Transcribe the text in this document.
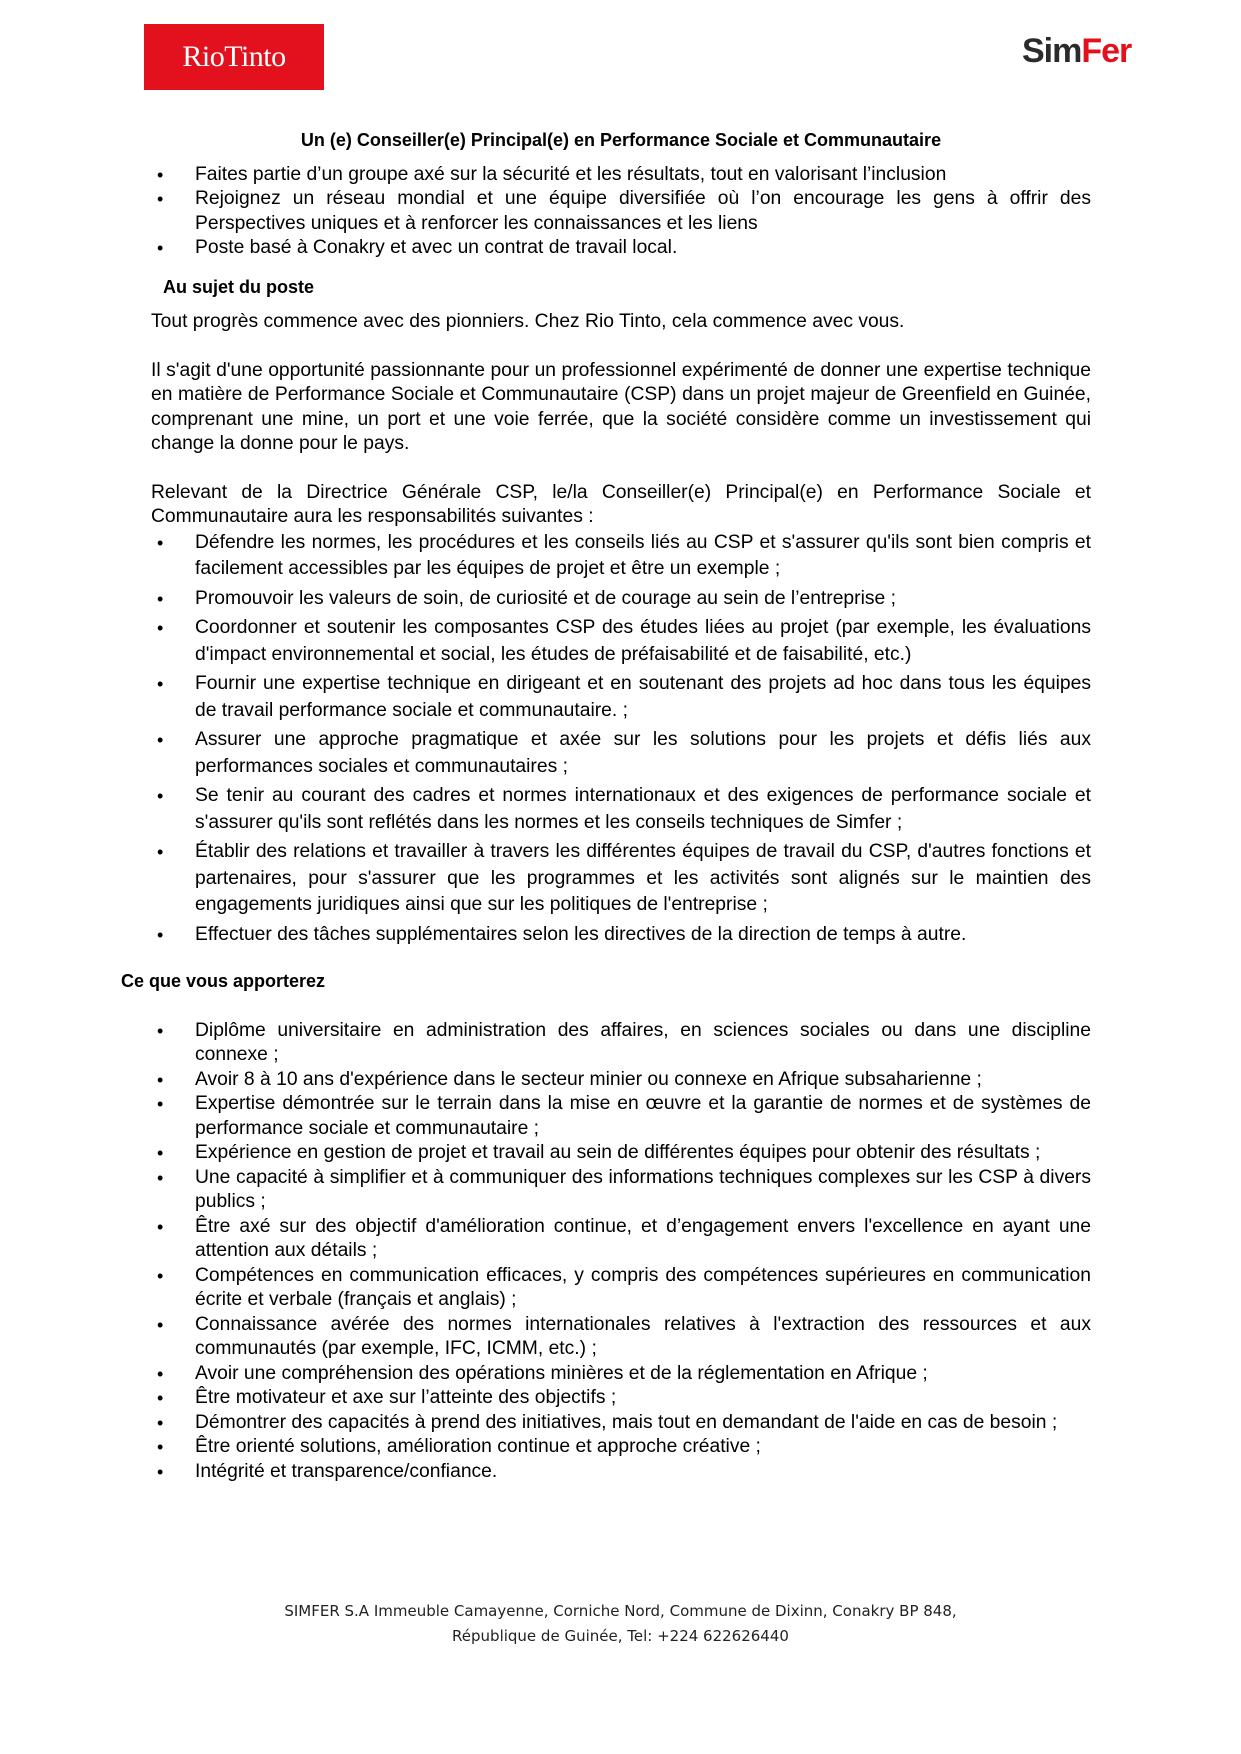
RioTinto	SimFer
Un (e) Conseiller(e) Principal(e) en Performance Sociale et Communautaire
• Faites partie d’un groupe axé sur la sécurité et les résultats, tout en valorisant l’inclusion
• Rejoignez un réseau mondial et une équipe diversifiée où l’on encourage les gens à offrir des Perspectives uniques et à renforcer les connaissances et les liens
• Poste basé à Conakry et avec un contrat de travail local.
Au sujet du poste

Tout progrès commence avec des pionniers. Chez Rio Tinto, cela commence avec vous.

Il s'agit d'une opportunité passionnante pour un professionnel expérimenté de donner une expertise technique en matière de Performance Sociale et Communautaire (CSP) dans un projet majeur de Greenfield en Guinée, comprenant une mine, un port et une voie ferrée, que la société considère comme un investissement qui change la donne pour le pays.

Relevant de la Directrice Générale CSP, le/la Conseiller(e) Principal(e) en Performance Sociale et Communautaire aura les responsabilités suivantes :

• Défendre les normes, les procédures et les conseils liés au CSP et s'assurer qu'ils sont bien compris et facilement accessibles par les équipes de projet et être un exemple ;
• Promouvoir les valeurs de soin, de curiosité et de courage au sein de l’entreprise ;
• Coordonner et soutenir les composantes CSP des études liées au projet (par exemple, les évaluations d'impact environnemental et social, les études de préfaisabilité et de faisabilité, etc.)
• Fournir une expertise technique en dirigeant et en soutenant des projets ad hoc dans tous les équipes de travail performance sociale et communautaire. ;
• Assurer une approche pragmatique et axée sur les solutions pour les projets et défis liés aux performances sociales et communautaires ;
• Se tenir au courant des cadres et normes internationaux et des exigences de performance sociale et s'assurer qu'ils sont reflétés dans les normes et les conseils techniques de Simfer ;
• Établir des relations et travailler à travers les différentes équipes de travail du CSP, d'autres fonctions et partenaires, pour s'assurer que les programmes et les activités sont alignés sur le maintien des engagements juridiques ainsi que sur les politiques de l'entreprise ;
• Effectuer des tâches supplémentaires selon les directives de la direction de temps à autre.
Ce que vous apporterez
• Diplôme universitaire en administration des affaires, en sciences sociales ou dans une discipline connexe ;
• Avoir 8 à 10 ans d'expérience dans le secteur minier ou connexe en Afrique subsaharienne ;
• Expertise démontrée sur le terrain dans la mise en œuvre et la garantie de normes et de systèmes de performance sociale et communautaire ;
• Expérience en gestion de projet et travail au sein de différentes équipes pour obtenir des résultats ;
• Une capacité à simplifier et à communiquer des informations techniques complexes sur les CSP à divers publics ;
• Être axé sur des objectif d'amélioration continue, et d’engagement envers l'excellence en ayant une attention aux détails ;
• Compétences en communication efficaces, y compris des compétences supérieures en communication écrite et verbale (français et anglais) ;
• Connaissance avérée des normes internationales relatives à l'extraction des ressources et aux communautés (par exemple, IFC, ICMM, etc.) ;
• Avoir une compréhension des opérations minières et de la réglementation en Afrique ;
• Être motivateur et axe sur l’atteinte des objectifs ;
• Démontrer des capacités à prend des initiatives, mais tout en demandant de l'aide en cas de besoin ;
• Être orienté solutions, amélioration continue et approche créative ;
• Intégrité et transparence/confiance.
SIMFER S.A Immeuble Camayenne, Corniche Nord, Commune de Dixinn, Conakry BP 848,
République de Guinée, Tel: +224 622626440
